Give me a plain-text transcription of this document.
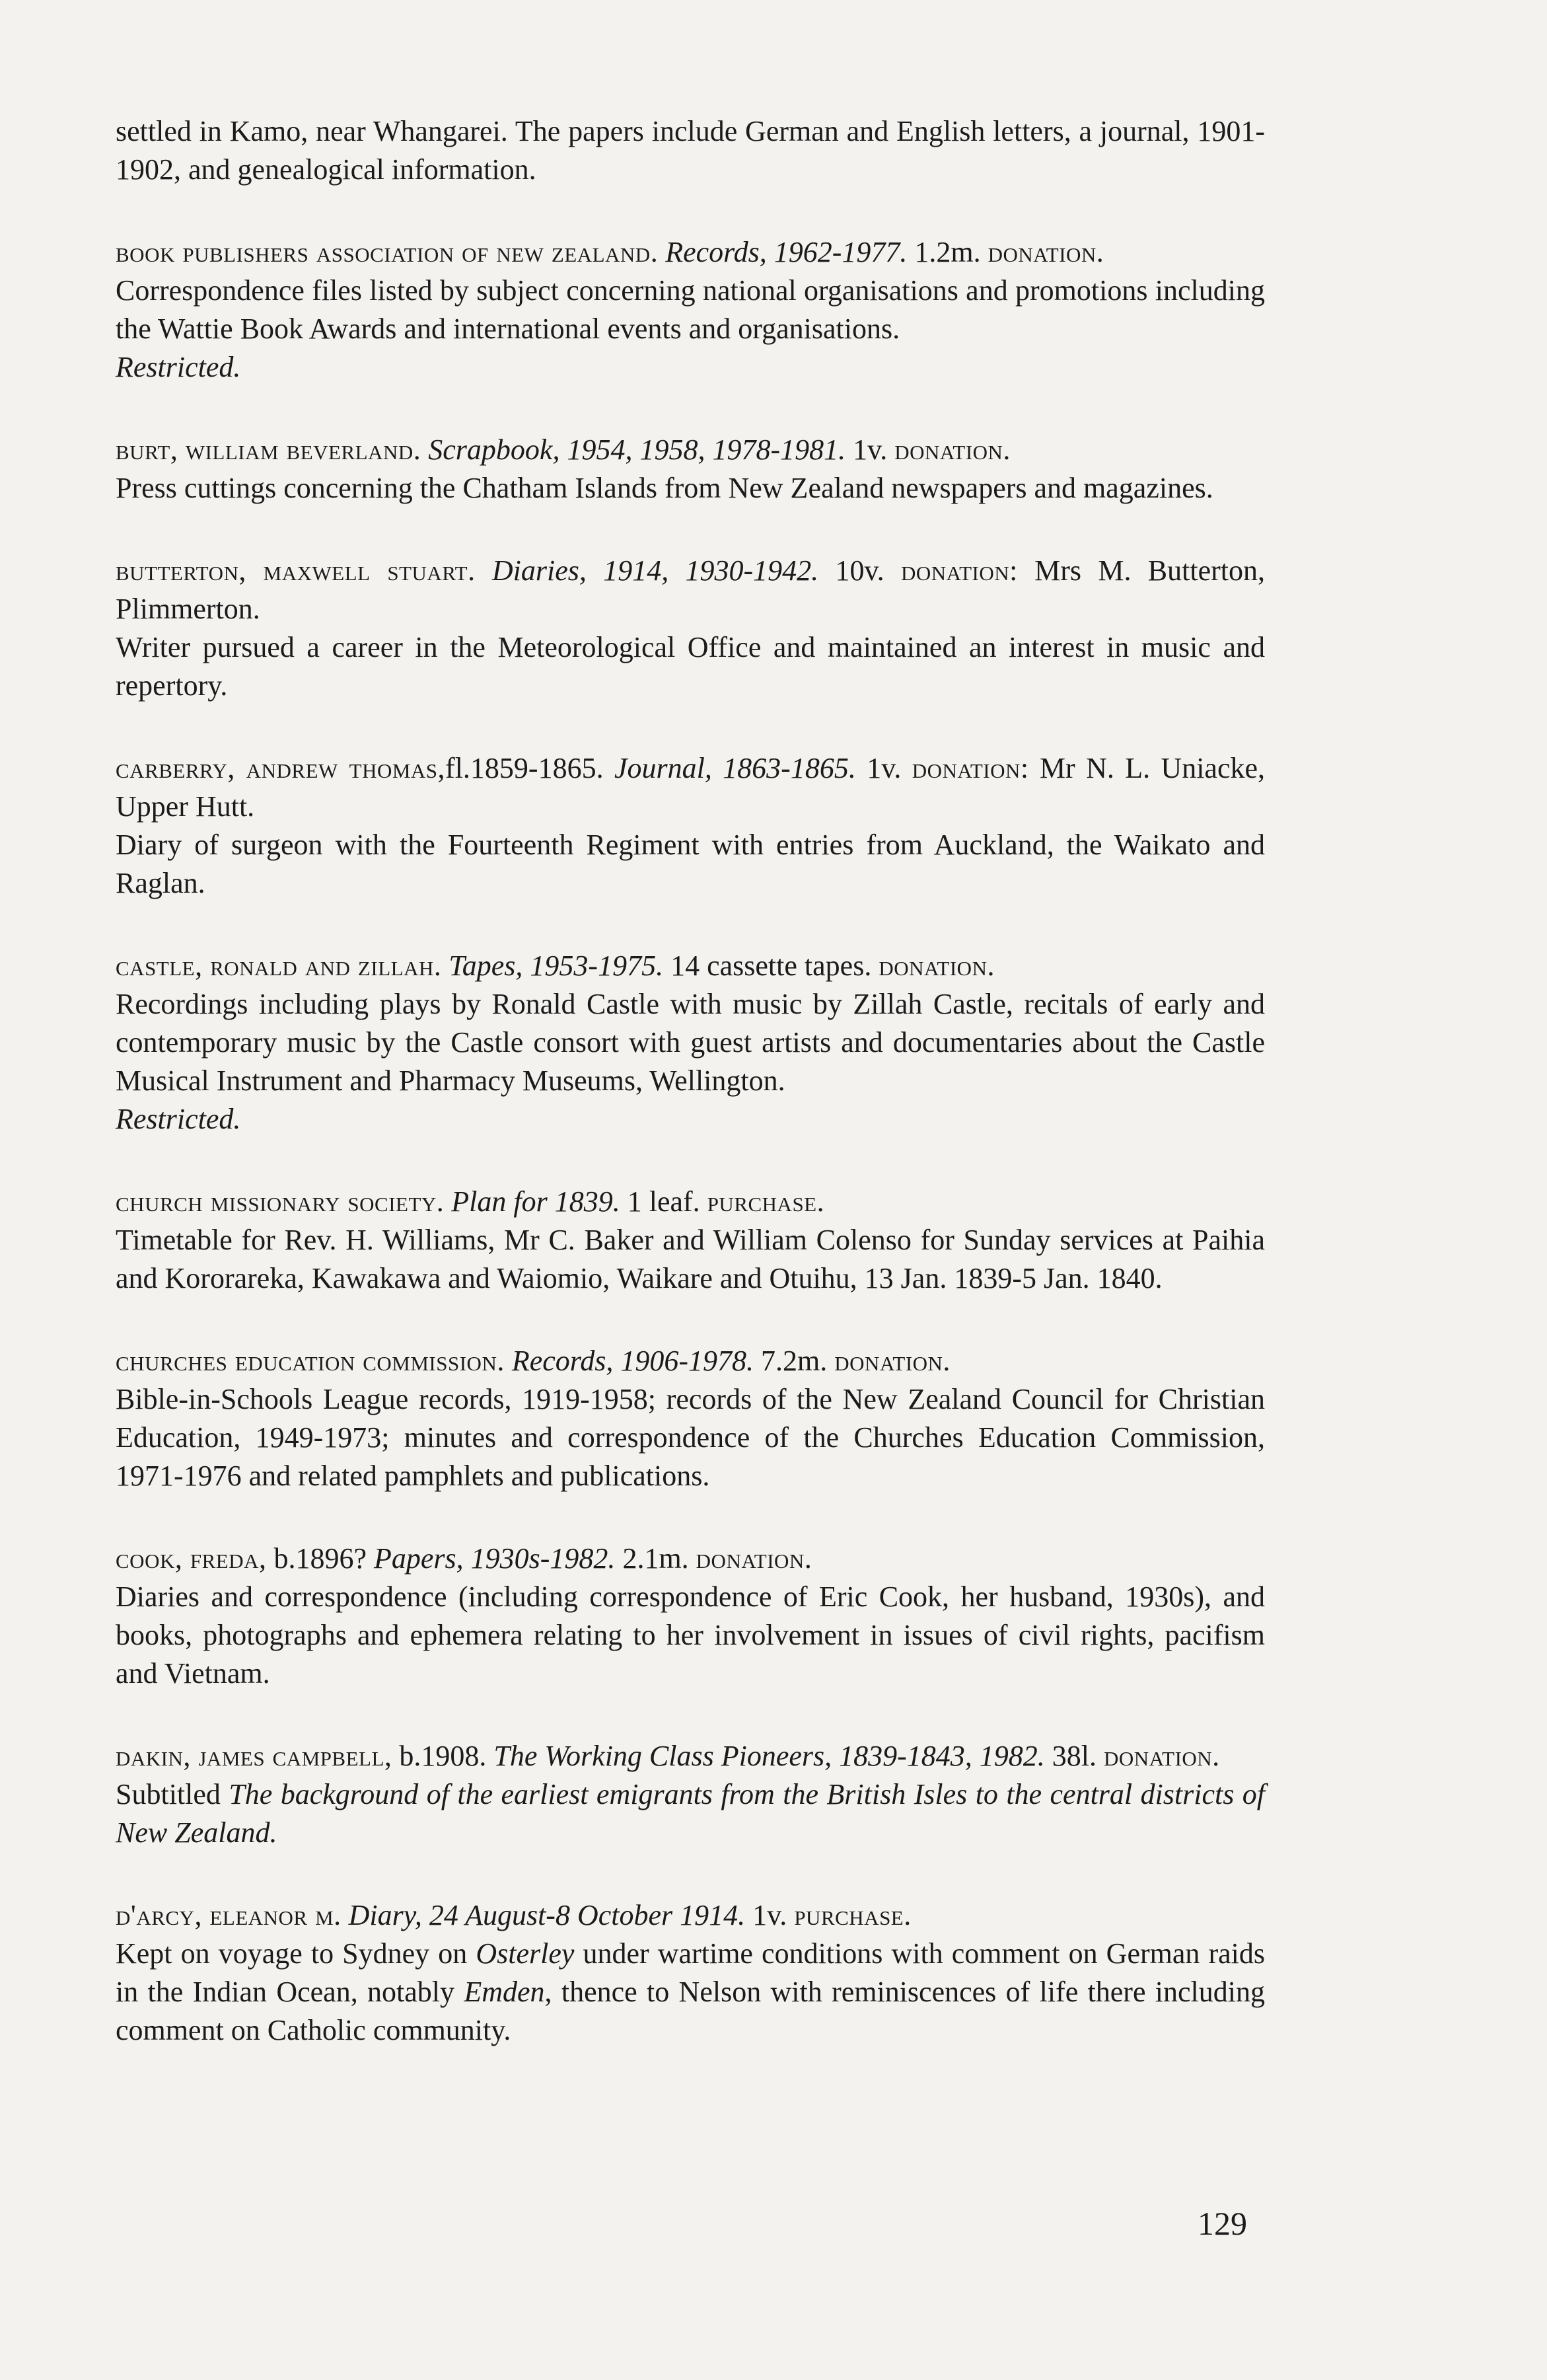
settled in Kamo, near Whangarei. The papers include German and English letters, a journal, 1901-1902, and genealogical information.

book publishers association of new zealand. Records, 1962-1977. 1.2m. donation.

Correspondence files listed by subject concerning national organisations and promotions including the Wattie Book Awards and international events and organisations.

Restricted.

burt, william beverland. Scrapbook, 1954, 1958, 1978-1981. 1v. donation.

Press cuttings concerning the Chatham Islands from New Zealand newspapers and magazines.

butterton, maxwell stuart. Diaries, 1914, 1930-1942. 10v. donation: Mrs M. Butterton, Plimmerton.

Writer pursued a career in the Meteorological Office and maintained an interest in music and repertory.

carberry, andrew thomas,fl.1859-1865. Journal, 1863-1865. 1v. donation: Mr N. L. Uniacke, Upper Hutt.

Diary of surgeon with the Fourteenth Regiment with entries from Auckland, the Waikato and Raglan.

castle, ronald and zillah. Tapes, 1953-1975. 14 cassette tapes. donation.

Recordings including plays by Ronald Castle with music by Zillah Castle, recitals of early and contemporary music by the Castle consort with guest artists and documentaries about the Castle Musical Instrument and Pharmacy Museums, Wellington.

Restricted.

church missionary society. Plan for 1839. 1 leaf. purchase.

Timetable for Rev. H. Williams, Mr C. Baker and William Colenso for Sunday services at Paihia and Kororareka, Kawakawa and Waiomio, Waikare and Otuihu, 13 Jan. 1839-5 Jan. 1840.

churches education commission. Records, 1906-1978. 7.2m. donation.

Bible-in-Schools League records, 1919-1958; records of the New Zealand Council for Christian Education, 1949-1973; minutes and correspondence of the Churches Education Commission, 1971-1976 and related pamphlets and publications.

cook, freda, b.1896? Papers, 1930s-1982. 2.1m. donation.

Diaries and correspondence (including correspondence of Eric Cook, her husband, 1930s), and books, photographs and ephemera relating to her involvement in issues of civil rights, pacifism and Vietnam.

dakin, james campbell, b.1908. The Working Class Pioneers, 1839-1843, 1982. 38l. donation.

Subtitled The background of the earliest emigrants from the British Isles to the central districts of New Zealand.

d'arcy, eleanor m. Diary, 24 August-8 October 1914. 1v. purchase.

Kept on voyage to Sydney on Osterley under wartime conditions with comment on German raids in the Indian Ocean, notably Emden, thence to Nelson with reminiscences of life there including comment on Catholic community.

129
